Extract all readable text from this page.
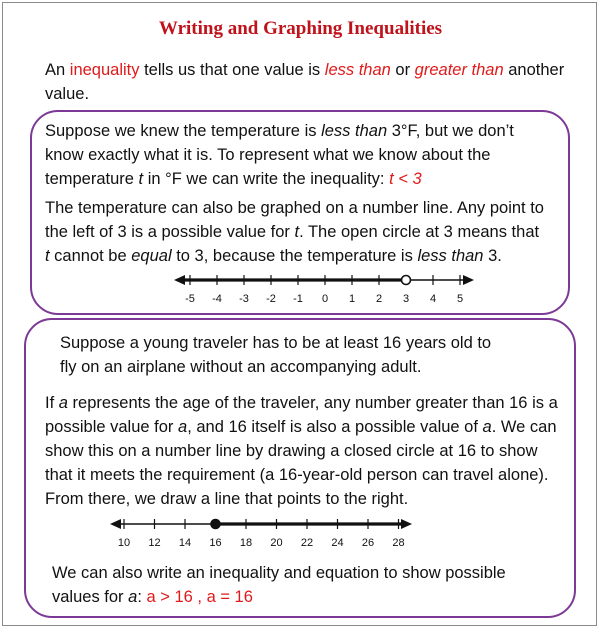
Writing and Graphing Inequalities
An inequality tells us that one value is less than or greater than another value.
Suppose we knew the temperature is less than 3°F, but we don’t know exactly what it is. To represent what we know about the temperature t in °F we can write the inequality: t < 3
The temperature can also be graphed on a number line. Any point to the left of 3 is a possible value for t. The open circle at 3 means that t cannot be equal to 3, because the temperature is less than 3.
-5 -4 -3 -2 -1 0 1 2 3 4 5
Suppose a young traveler has to be at least 16 years old to fly on an airplane without an accompanying adult.
If a represents the age of the traveler, any number greater than 16 is a possible value for a, and 16 itself is also a possible value of a. We can show this on a number line by drawing a closed circle at 16 to show that it meets the requirement (a 16-year-old person can travel alone). From there, we draw a line that points to the right.
10 12 14 16 18 20 22 24 26 28
We can also write an inequality and equation to show possible values for a: a > 16 , a = 16
